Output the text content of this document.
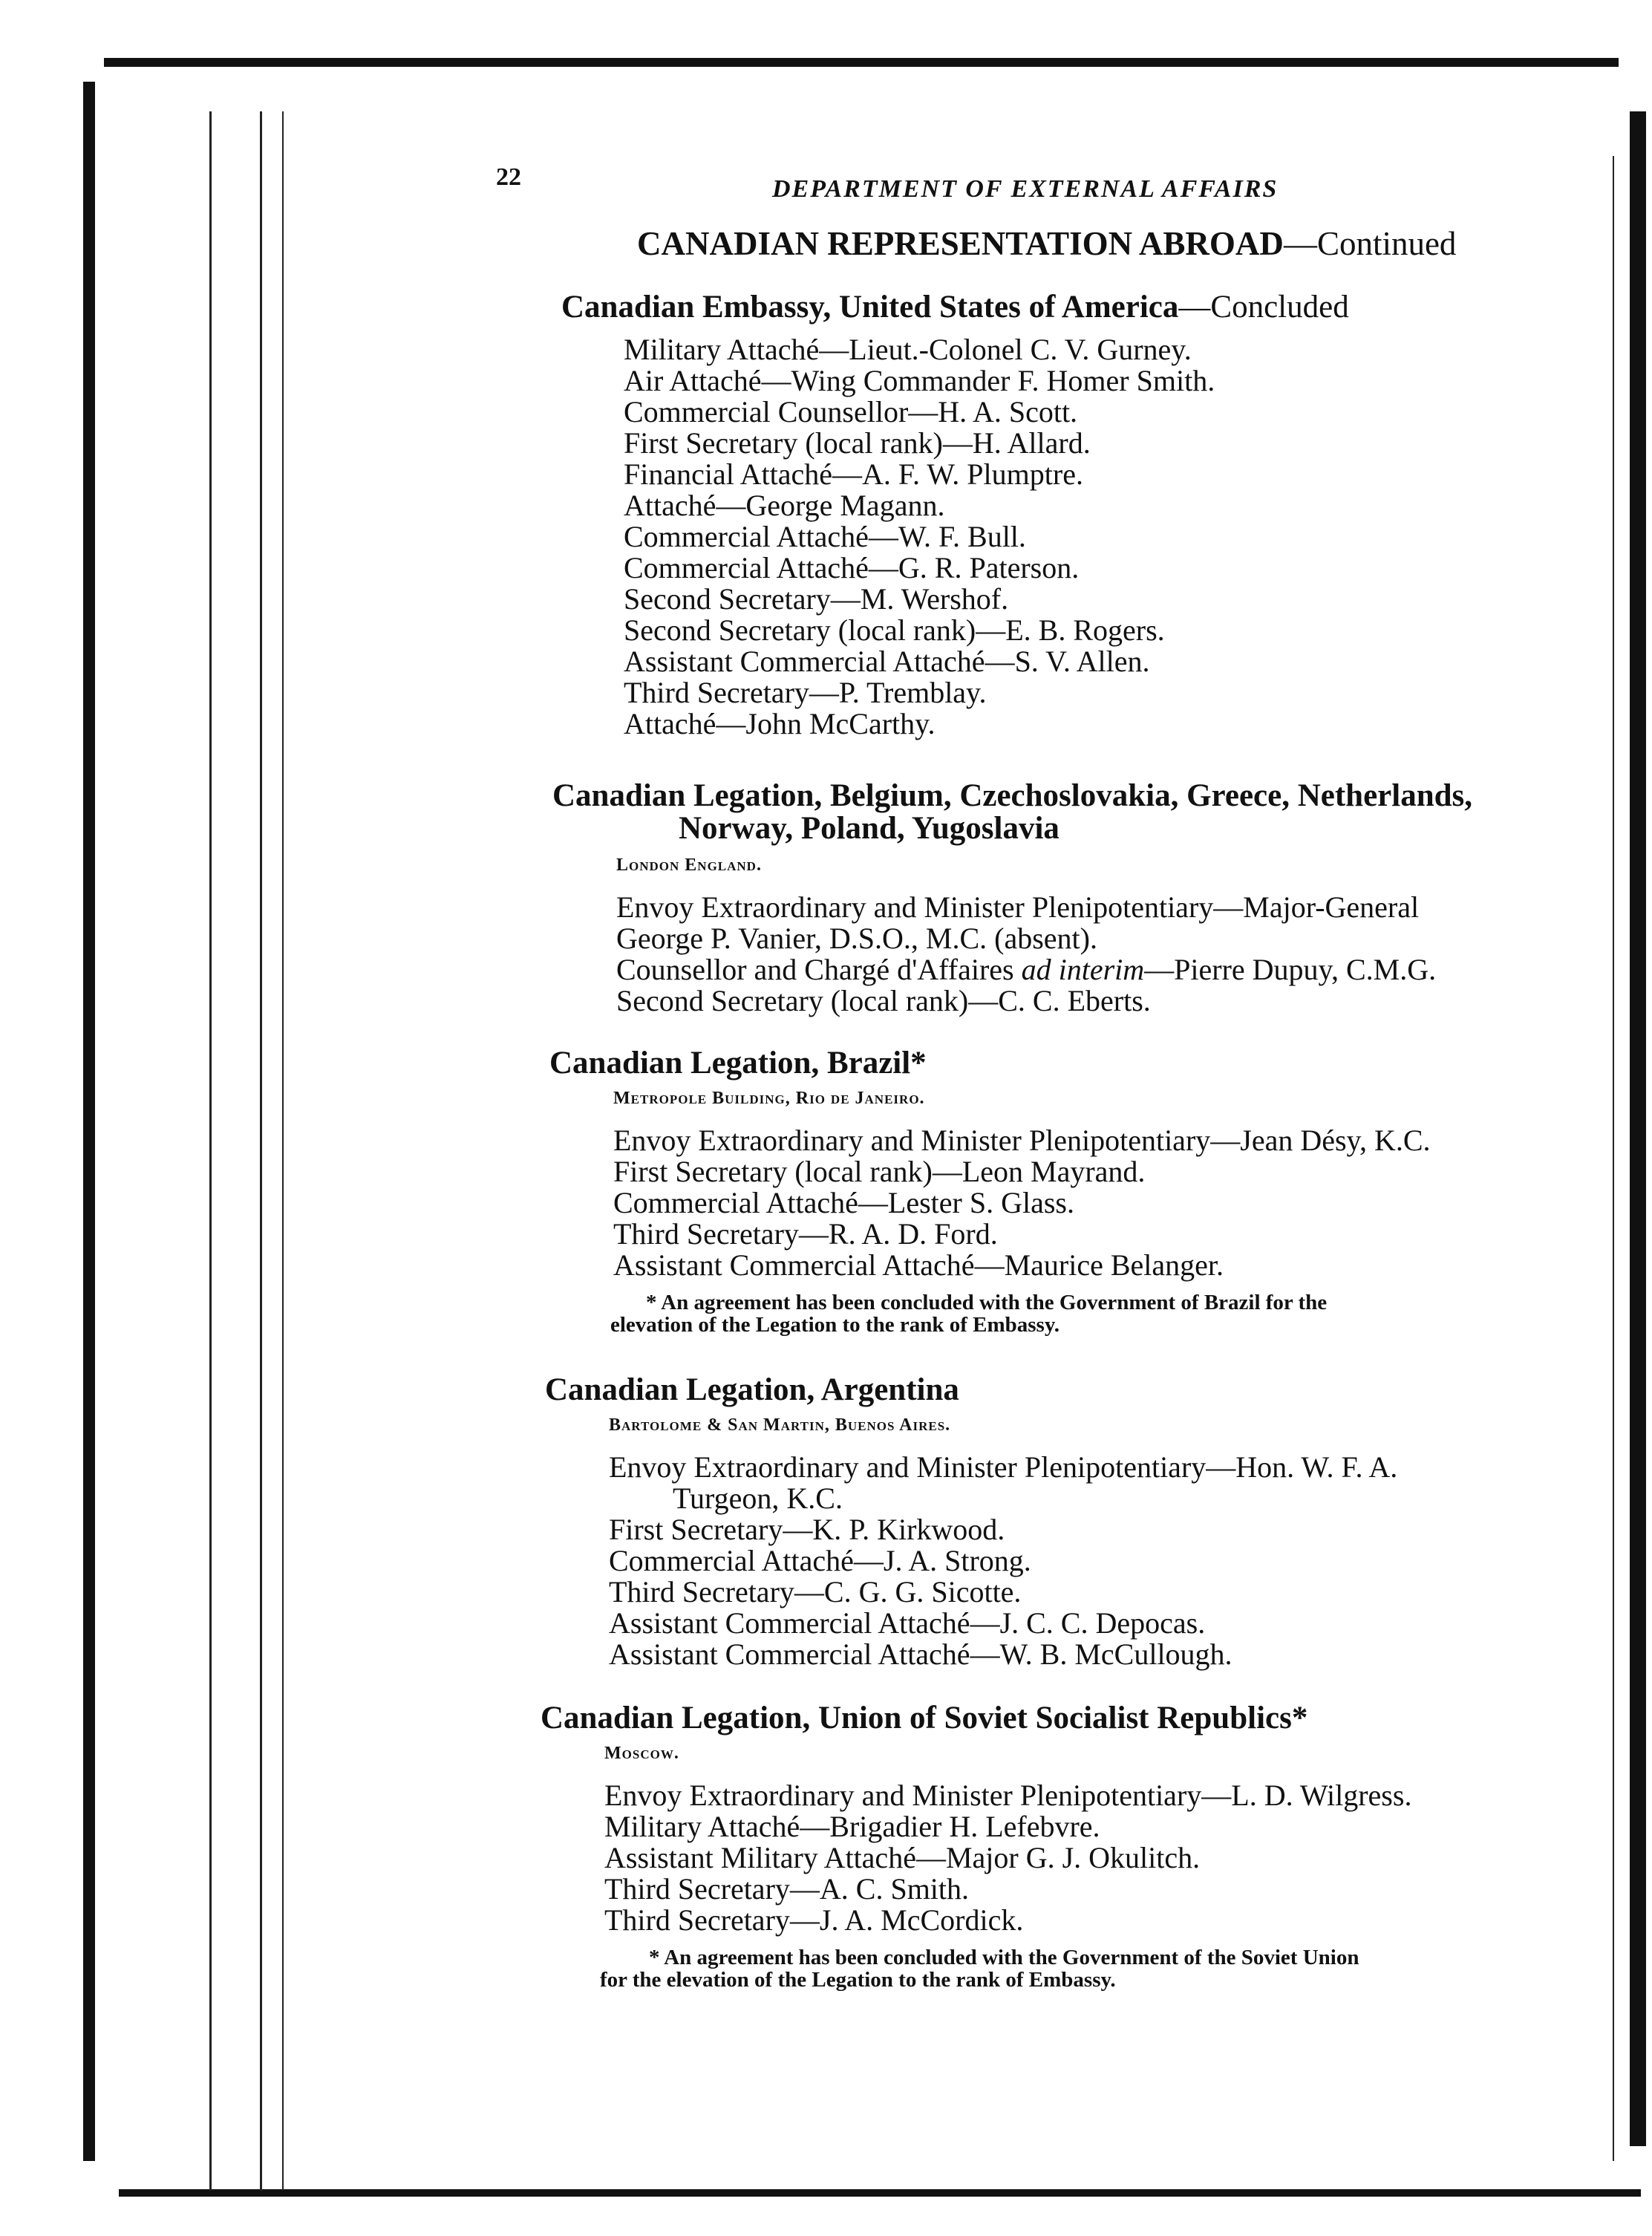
22	DEPARTMENT OF EXTERNAL AFFAIRS
CANADIAN REPRESENTATION ABROAD—Continued
Canadian Embassy, United States of America—Concluded
Military Attaché—Lieut.-Colonel C. V. Gurney.
Air Attaché—Wing Commander F. Homer Smith.
Commercial Counsellor—H. A. Scott.
First Secretary (local rank)—H. Allard.
Financial Attaché—A. F. W. Plumptre.
Attaché—George Magann.
Commercial Attaché—W. F. Bull.
Commercial Attaché—G. R. Paterson.
Second Secretary—M. Wershof.
Second Secretary (local rank)—E. B. Rogers.
Assistant Commercial Attaché—S. V. Allen.
Third Secretary—P. Tremblay.
Attaché—John McCarthy.
Canadian Legation, Belgium, Czechoslovakia, Greece, Netherlands,
Norway, Poland, Yugoslavia
London England.
Envoy Extraordinary and Minister Plenipotentiary—Major-General
George P. Vanier, D.S.O., M.C. (absent).
Counsellor and Chargé d'Affaires ad interim—Pierre Dupuy, C.M.G.
Second Secretary (local rank)—C. C. Eberts.
Canadian Legation, Brazil*
Metropole Building, Rio de Janeiro.
Envoy Extraordinary and Minister Plenipotentiary—Jean Désy, K.C.
First Secretary (local rank)—Leon Mayrand.
Commercial Attaché—Lester S. Glass.
Third Secretary—R. A. D. Ford.
Assistant Commercial Attaché—Maurice Belanger.
* An agreement has been concluded with the Government of Brazil for the
elevation of the Legation to the rank of Embassy.
Canadian Legation, Argentina
Bartolome & San Martin, Buenos Aires.
Envoy Extraordinary and Minister Plenipotentiary—Hon. W. F. A.
Turgeon, K.C.
First Secretary—K. P. Kirkwood.
Commercial Attaché—J. A. Strong.
Third Secretary—C. G. G. Sicotte.
Assistant Commercial Attaché—J. C. C. Depocas.
Assistant Commercial Attaché—W. B. McCullough.
Canadian Legation, Union of Soviet Socialist Republics*
Moscow.
Envoy Extraordinary and Minister Plenipotentiary—L. D. Wilgress.
Military Attaché—Brigadier H. Lefebvre.
Assistant Military Attaché—Major G. J. Okulitch.
Third Secretary—A. C. Smith.
Third Secretary—J. A. McCordick.
* An agreement has been concluded with the Government of the Soviet Union
for the elevation of the Legation to the rank of Embassy.
